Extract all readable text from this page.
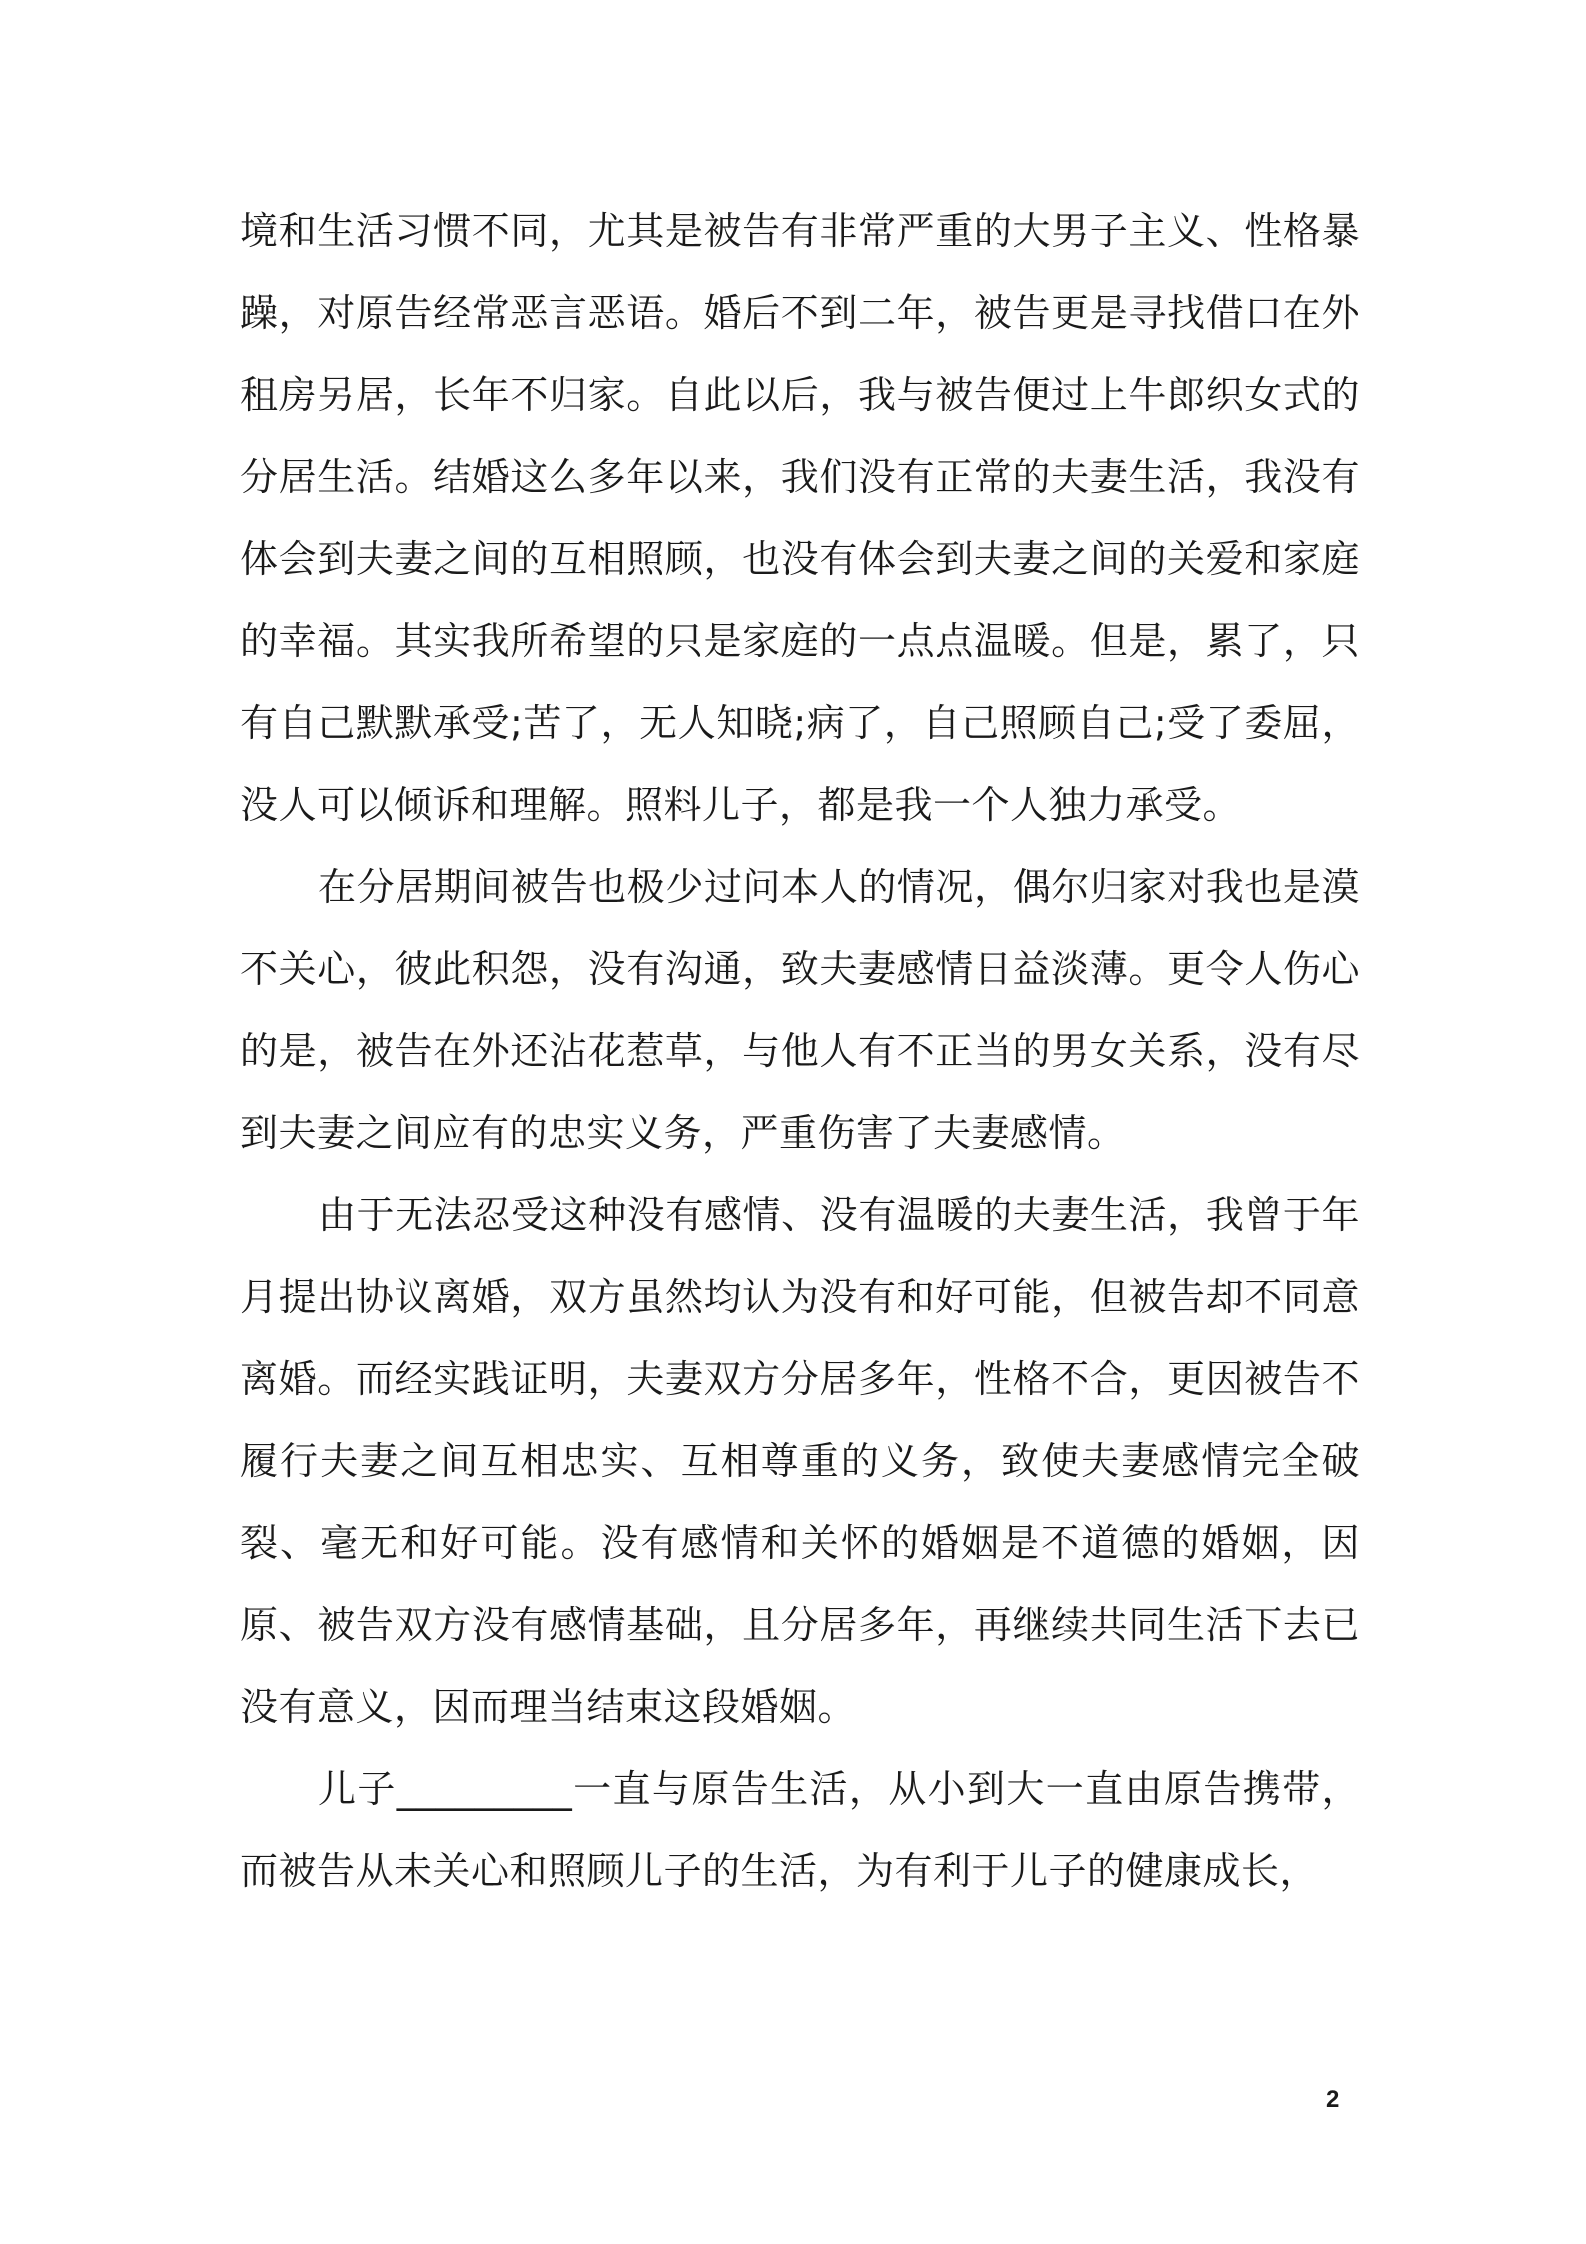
境和生活习惯不同，尤其是被告有非常严重的大男子主义、性格暴躁，对原告经常恶言恶语。婚后不到二年，被告更是寻找借口在外租房另居，长年不归家。自此以后，我与被告便过上牛郎织女式的分居生活。结婚这么多年以来，我们没有正常的夫妻生活，我没有体会到夫妻之间的互相照顾，也没有体会到夫妻之间的关爱和家庭的幸福。其实我所希望的只是家庭的一点点温暖。但是，累了，只有自己默默承受;苦了，无人知晓;病了，自己照顾自己;受了委屈，没人可以倾诉和理解。照料儿子，都是我一个人独力承受。

在分居期间被告也极少过问本人的情况，偶尔归家对我也是漠不关心，彼此积怨，没有沟通，致夫妻感情日益淡薄。更令人伤心的是，被告在外还沾花惹草，与他人有不正当的男女关系，没有尽到夫妻之间应有的忠实义务，严重伤害了夫妻感情。

由于无法忍受这种没有感情、没有温暖的夫妻生活，我曾于年月提出协议离婚，双方虽然均认为没有和好可能，但被告却不同意离婚。而经实践证明，夫妻双方分居多年，性格不合，更因被告不履行夫妻之间互相忠实、互相尊重的义务，致使夫妻感情完全破裂、毫无和好可能。没有感情和关怀的婚姻是不道德的婚姻，因原、被告双方没有感情基础，且分居多年，再继续共同生活下去已没有意义，因而理当结束这段婚姻。

儿子_________一直与原告生活，从小到大一直由原告携带，而被告从未关心和照顾儿子的生活，为有利于儿子的健康成长，

2
